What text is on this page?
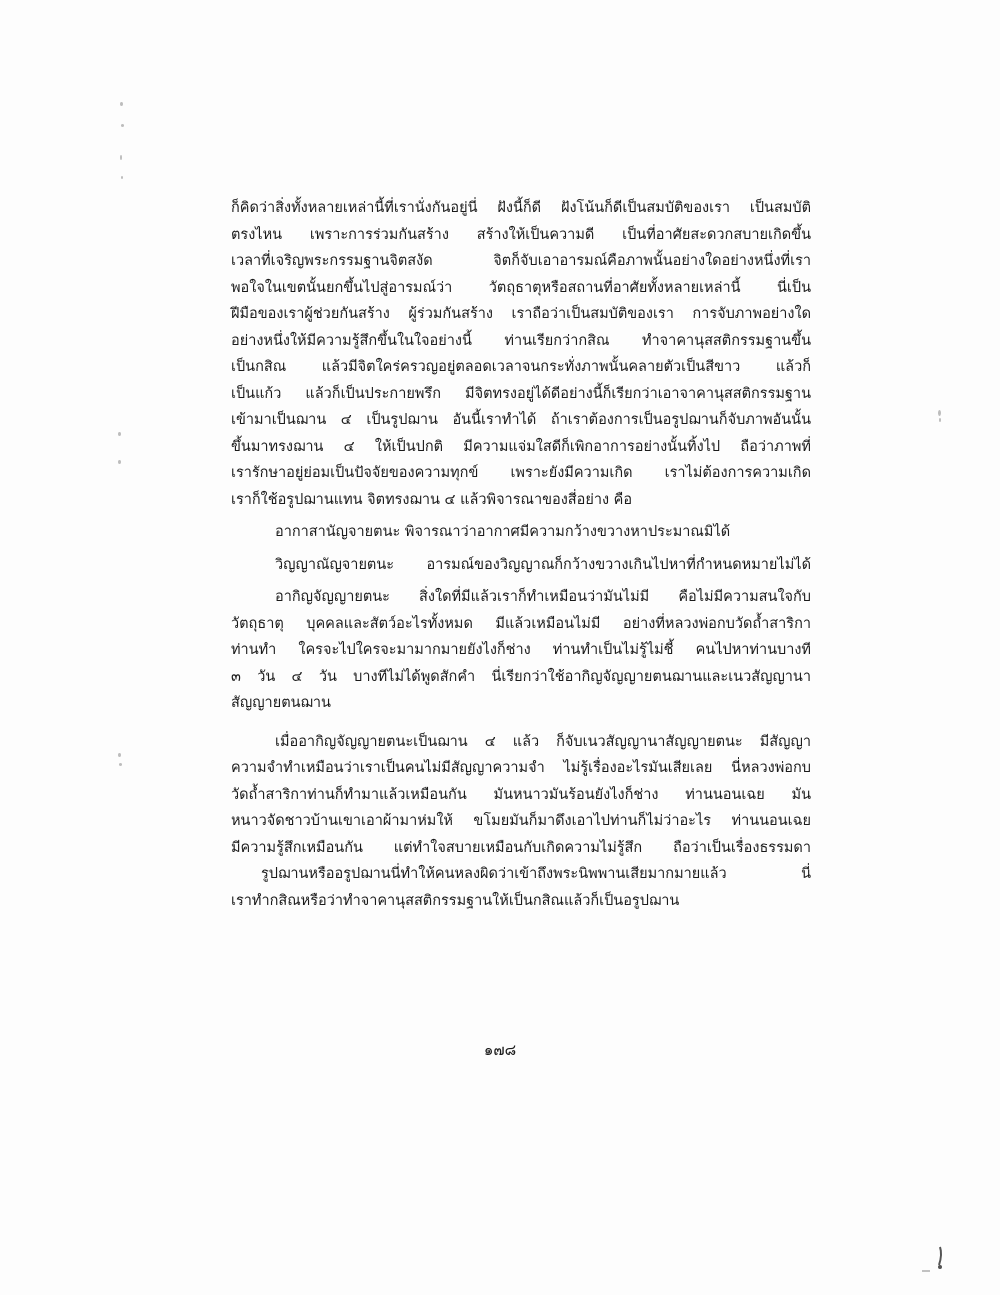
ก็คิดว่าสิ่งทั้งหลายเหล่านี้ที่เรานั่งกันอยู่นี่ ฝังนี้ก็ดี ฝังโน้นก็ดีเป็นสมบัติของเรา เป็นสมบัติ
ตรงไหน เพราะการร่วมกันสร้าง สร้างให้เป็นความดี เป็นที่อาศัยสะดวกสบายเกิดขึ้น
เวลาที่เจริญพระกรรมฐานจิตสงัด จิตก็จับเอาอารมณ์คือภาพนั้นอย่างใดอย่างหนึ่งที่เรา
พอใจในเขตนั้นยกขึ้นไปสู่อารมณ์ว่า วัตถุธาตุหรือสถานที่อาศัยทั้งหลายเหล่านี้ นี่เป็น
ฝีมือของเราผู้ช่วยกันสร้าง ผู้ร่วมกันสร้าง เราถือว่าเป็นสมบัติของเรา การจับภาพอย่างใด
อย่างหนึ่งให้มีความรู้สึกขึ้นในใจอย่างนี้ ท่านเรียกว่ากสิณ ทำจาคานุสสติกรรมฐานขึ้น
เป็นกสิณ แล้วมีจิตใคร่ครวญอยู่ตลอดเวลาจนกระทั่งภาพนั้นคลายตัวเป็นสีขาว แล้วก็
เป็นแก้ว แล้วก็เป็นประกายพรึก มีจิตทรงอยู่ได้ดีอย่างนี้ก็เรียกว่าเอาจาคานุสสติกรรมฐาน
เข้ามาเป็นฌาน ๔ เป็นรูปฌาน อันนี้เราทำได้ ถ้าเราต้องการเป็นอรูปฌานก็จับภาพอันนั้น
ขึ้นมาทรงฌาน ๔ ให้เป็นปกติ มีความแจ่มใสดีก็เพิกอาการอย่างนั้นทิ้งไป ถือว่าภาพที่
เรารักษาอยู่ย่อมเป็นปัจจัยของความทุกข์ เพราะยังมีความเกิด เราไม่ต้องการความเกิด
เราก็ใช้อรูปฌานแทน จิตทรงฌาน ๔ แล้วพิจารณาของสี่อย่าง คือ
อากาสานัญจายตนะ พิจารณาว่าอากาศมีความกว้างขวางหาประมาณมิได้
วิญญาณัญจายตนะ อารมณ์ของวิญญาณก็กว้างขวางเกินไปหาที่กำหนดหมายไม่ได้
อากิญจัญญายตนะ สิ่งใดที่มีแล้วเราก็ทำเหมือนว่ามันไม่มี คือไม่มีความสนใจกับ
วัตถุธาตุ บุคคลและสัตว์อะไรทั้งหมด มีแล้วเหมือนไม่มี อย่างที่หลวงพ่อกบวัดถ้ำสาริกา
ท่านทำ ใครจะไปใครจะมามากมายยังไงก็ช่าง ท่านทำเป็นไม่รู้ไม่ชี้ คนไปหาท่านบางที
๓ วัน ๔ วัน บางทีไม่ได้พูดสักคำ นี่เรียกว่าใช้อากิญจัญญายตนฌานและเนวสัญญานา
สัญญายตนฌาน
เมื่ออากิญจัญญายตนะเป็นฌาน ๔ แล้ว ก็จับเนวสัญญานาสัญญายตนะ มีสัญญา
ความจำทำเหมือนว่าเราเป็นคนไม่มีสัญญาความจำ ไม่รู้เรื่องอะไรมันเสียเลย นี่หลวงพ่อกบ
วัดถ้ำสาริกาท่านก็ทำมาแล้วเหมือนกัน มันหนาวมันร้อนยังไงก็ช่าง ท่านนอนเฉย มัน
หนาวจัดชาวบ้านเขาเอาผ้ามาห่มให้ ขโมยมันก็มาดึงเอาไปท่านก็ไม่ว่าอะไร ท่านนอนเฉย
มีความรู้สึกเหมือนกัน แต่ทำใจสบายเหมือนกับเกิดความไม่รู้สึก ถือว่าเป็นเรื่องธรรมดา
รูปฌานหรืออรูปฌานนี่ทำให้คนหลงผิดว่าเข้าถึงพระนิพพานเสียมากมายแล้ว นี่
เราทำกสิณหรือว่าทำจาคานุสสติกรรมฐานให้เป็นกสิณแล้วก็เป็นอรูปฌาน
๑๗๘
